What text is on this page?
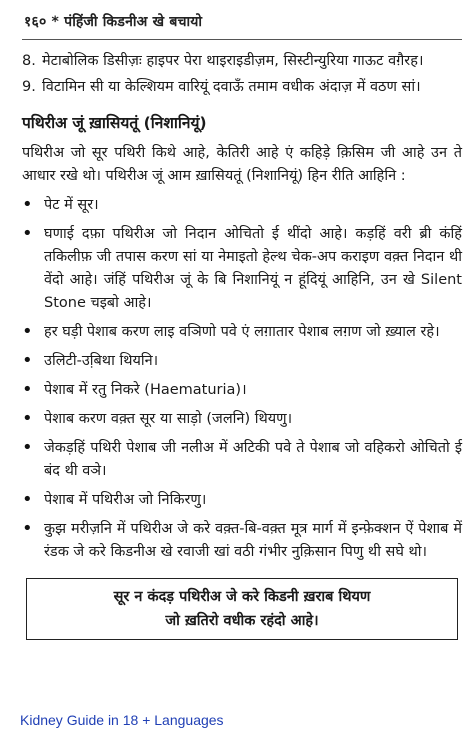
१६० * पंहिंजी किडनीअ खे बचायो
8. मेटाबोलिक डिसीज़ः हाइपर पेरा थाइराइडीज़म, सिस्टीन्युरिया गाऊट वग़ैरह।
9. विटामिन सी या केल्शियम वारियूं दवाऊँ तमाम वधीक अंदाज़ में वठण सां।
पथिरीअ जूं ख़ासियतूं (निशानियूं)
पथिरीअ जो सूर पथिरी किथे आहे, केतिरी आहे एं कहिड़े क़िसिम जी आहे उन ते आधार रखे थो। पथिरीअ जूं आम ख़ासियतूं (निशानियूं) हिन रीति आहिनि :
• पेट में सूर।
• घणाई दफ़ा पथिरीअ जो निदान ओचितो ई थींदो आहे। कड़हिं वरी ब्री कंहिं तकिलीफ़ जी तपास करण सां या नेमाइतो हेल्थ चेक-अप कराइण वक़्त निदान थी वेंदो आहे। जंहिं पथिरीअ जूं के बि निशानियूं न हूंदियूं आहिनि, उन खे Silent Stone चइबो आहे।
• हर घड़ी पेशाब करण लाइ वञिणो पवे एं लग़ातार पेशाब लग़ण जो ख़्याल रहे।
• उलिटी-उबि़था थियनि।
• पेशाब में रतु निकरे (Haematuria)।
• पेशाब करण वक़्त सूर या साड़ो (जलनि) थियणु।
• जेकड़हिं पथिरी पेशाब जी नलीअ में अटिकी पवे ते पेशाब जो वहिकरो ओचितो ई बंद थी वञे।
• पेशाब में पथिरीअ जो निकिरणु।
• कुझ मरीज़नि में पथिरीअ जे करे वक़्त-बि-वक़्त मूत्र मार्ग में इन्फ़ेक्शन ऐं पेशाब में रंडक जे करे किडनीअ खे रवाजी खां वठी गंभीर नुक़िसान पिणु थी सघे थो।
सूर न कंदड़ पथिरीअ जे करे किडनी ख़राब थियण
जो ख़तिरो वधीक रहंदो आहे।
Kidney Guide in 18 + Languages
